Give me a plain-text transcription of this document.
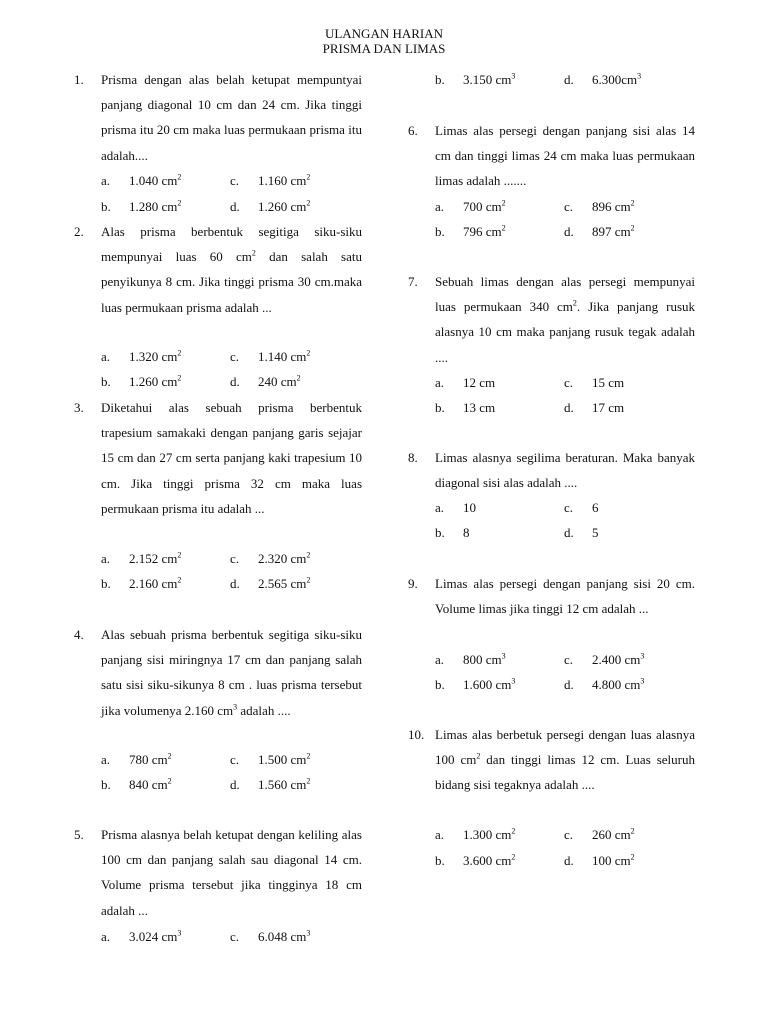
ULANGAN HARIAN
PRISMA DAN LIMAS
1. Prisma dengan alas belah ketupat mempuntyai panjang diagonal 10 cm dan 24 cm. Jika tinggi prisma itu 20 cm maka luas permukaan prisma itu adalah....
a. 1.040 $cm^2$	c. 1.160 $cm^2$
b. 1.280 $cm^2$	d. 1.260 $cm^2$
2. Alas prisma berbentuk segitiga siku-siku mempunyai luas 60 $cm^2$ dan salah satu penyikunya 8 cm. Jika tinggi prisma 30 cm.maka luas permukaan prisma adalah ...
a. 1.320 $cm^2$	c. 1.140 $cm^2$
b. 1.260 $cm^2$	d. 240 $cm^2$
3. Diketahui alas sebuah prisma berbentuk trapesium samakaki dengan panjang garis sejajar 15 cm dan 27 cm serta panjang kaki trapesium 10 cm. Jika tinggi prisma 32 cm maka luas permukaan prisma itu adalah ...
a. 2.152 $cm^2$	c. 2.320 $cm^2$
b. 2.160 $cm^2$	d. 2.565 $cm^2$
4. Alas sebuah prisma berbentuk segitiga siku-siku panjang sisi miringnya 17 cm dan panjang salah satu sisi siku-sikunya 8 cm . luas prisma tersebut jika volumenya 2.160 $cm^3$ adalah ....
a. 780 $cm^2$	c. 1.500 $cm^2$
b. 840 $cm^2$	d. 1.560 $cm^2$
5. Prisma alasnya belah ketupat dengan keliling alas 100 cm dan panjang salah sau diagonal 14 cm. Volume prisma tersebut jika tingginya 18 cm adalah ...
a. 3.024 $cm^3$	c. 6.048 $cm^3$
b. 3.150 $cm^3$	d. $6.300cm^3$
6. Limas alas persegi dengan panjang sisi alas 14 cm dan tinggi limas 24 cm maka luas permukaan limas adalah .......
a. 700 $cm^2$	c. 896 $cm^2$
b. 796 $cm^2$	d. 897 $cm^2$
7. Sebuah limas dengan alas persegi mempunyai luas permukaan 340 $cm^2$. Jika panjang rusuk alasnya 10 cm maka panjang rusuk tegak adalah ....
a. 12 cm	c. 15 cm
b. 13 cm	d. 17 cm
8. Limas alasnya segilima beraturan. Maka banyak diagonal sisi alas adalah ....
a. 10	c. 6
b. 8	d. 5
9. Limas alas persegi dengan panjang sisi 20 cm. Volume limas jika tinggi 12 cm adalah ...
a. 800 $cm^3$	c. 2.400 $cm^3$
b. 1.600 $cm^3$	d. 4.800 $cm^3$
10. Limas alas berbetuk persegi dengan luas alasnya 100 $cm^2$ dan tinggi limas 12 cm. Luas seluruh bidang sisi tegaknya adalah ....
a. 1.300 $cm^2$	c. 260 $cm^2$
b. 3.600 $cm^2$	d. 100 $cm^2$
